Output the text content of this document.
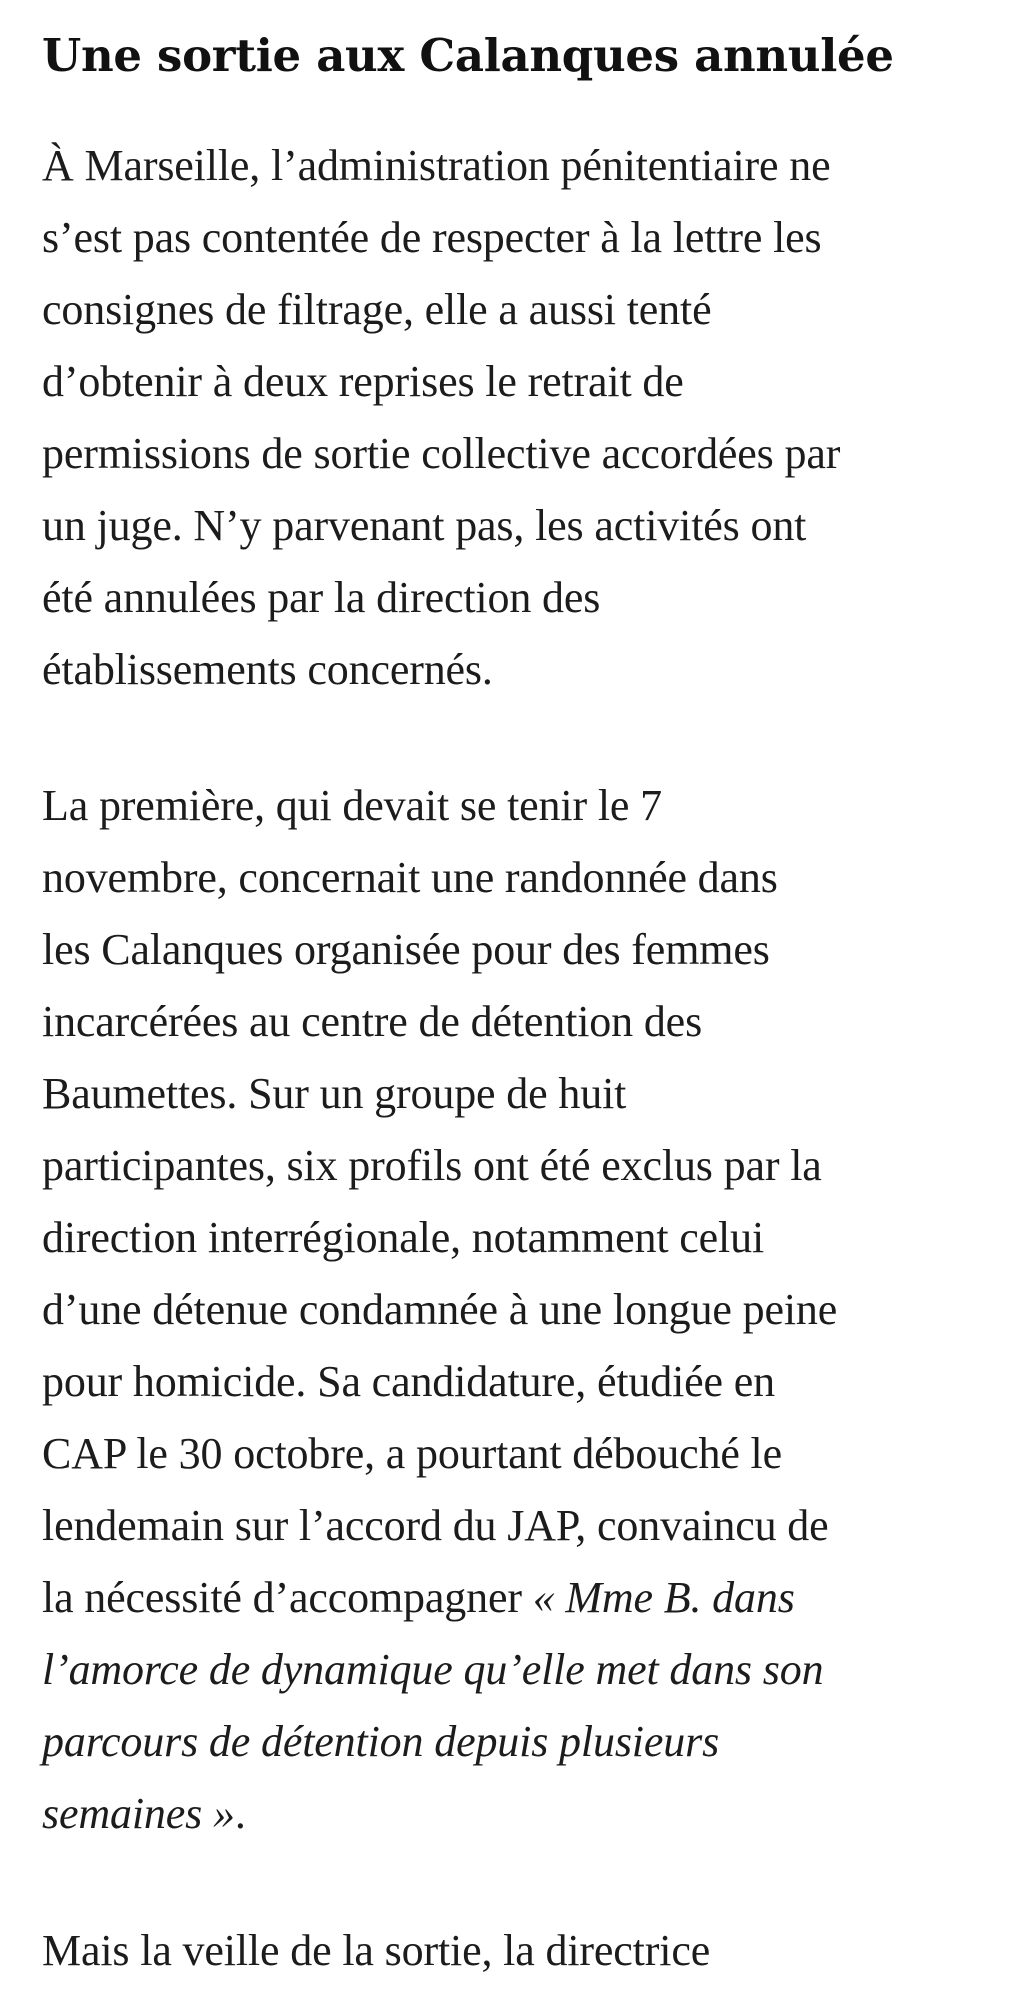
Une sortie aux Calanques annulée

À Marseille, l’administration pénitentiaire ne
s’est pas contentée de respecter à la lettre les
consignes de filtrage, elle a aussi tenté
d’obtenir à deux reprises le retrait de
permissions de sortie collective accordées par
un juge. N’y parvenant pas, les activités ont
été annulées par la direction des
établissements concernés.

La première, qui devait se tenir le 7
novembre, concernait une randonnée dans
les Calanques organisée pour des femmes
incarcérées au centre de détention des
Baumettes. Sur un groupe de huit
participantes, six profils ont été exclus par la
direction interrégionale, notamment celui
d’une détenue condamnée à une longue peine
pour homicide. Sa candidature, étudiée en
CAP le 30 octobre, a pourtant débouché le
lendemain sur l’accord du JAP, convaincu de
la nécessité d’accompagner « Mme B. dans
l’amorce de dynamique qu’elle met dans son
parcours de détention depuis plusieurs
semaines ».

Mais la veille de la sortie, la directrice
